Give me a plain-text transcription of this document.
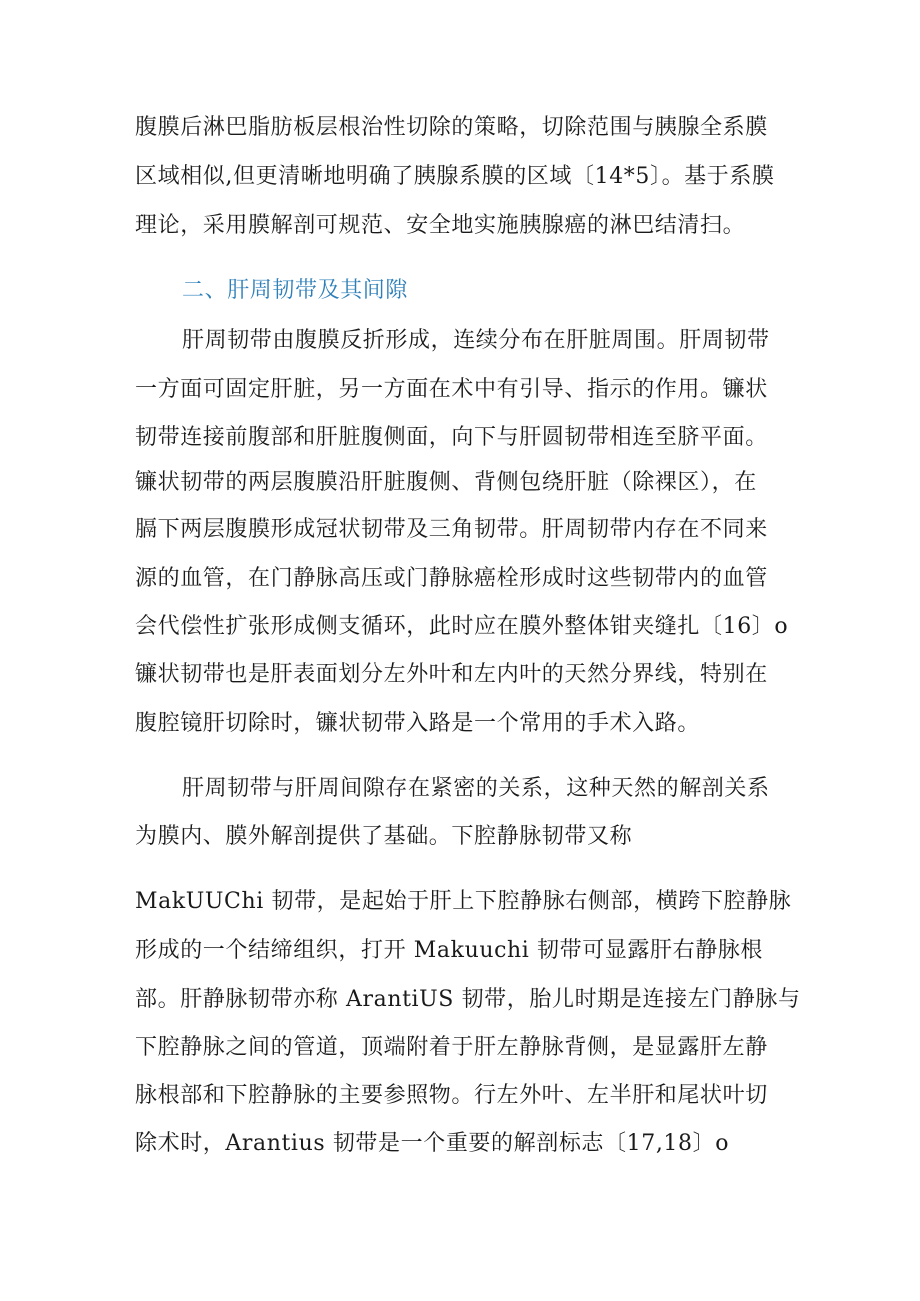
腹膜后淋巴脂肪板层根治性切除的策略，切除范围与胰腺全系膜
区域相似,但更清晰地明确了胰腺系膜的区域〔14*5〕。基于系膜
理论，采用膜解剖可规范、安全地实施胰腺癌的淋巴结清扫。
二、肝周韧带及其间隙
肝周韧带由腹膜反折形成，连续分布在肝脏周围。肝周韧带
一方面可固定肝脏，另一方面在术中有引导、指示的作用。镰状
韧带连接前腹部和肝脏腹侧面，向下与肝圆韧带相连至脐平面。
镰状韧带的两层腹膜沿肝脏腹侧、背侧包绕肝脏（除裸区），在
膈下两层腹膜形成冠状韧带及三角韧带。肝周韧带内存在不同来
源的血管，在门静脉高压或门静脉癌栓形成时这些韧带内的血管
会代偿性扩张形成侧支循环，此时应在膜外整体钳夹缝扎〔16〕o
镰状韧带也是肝表面划分左外叶和左内叶的天然分界线，特别在
腹腔镜肝切除时，镰状韧带入路是一个常用的手术入路。
肝周韧带与肝周间隙存在紧密的关系，这种天然的解剖关系
为膜内、膜外解剖提供了基础。下腔静脉韧带又称
MakUUChi 韧带，是起始于肝上下腔静脉右侧部，横跨下腔静脉
形成的一个结缔组织，打开 Makuuchi 韧带可显露肝右静脉根
部。肝静脉韧带亦称 ArantiUS 韧带，胎儿时期是连接左门静脉与
下腔静脉之间的管道，顶端附着于肝左静脉背侧，是显露肝左静
脉根部和下腔静脉的主要参照物。行左外叶、左半肝和尾状叶切
除术时，Arantius 韧带是一个重要的解剖标志〔17,18〕o
